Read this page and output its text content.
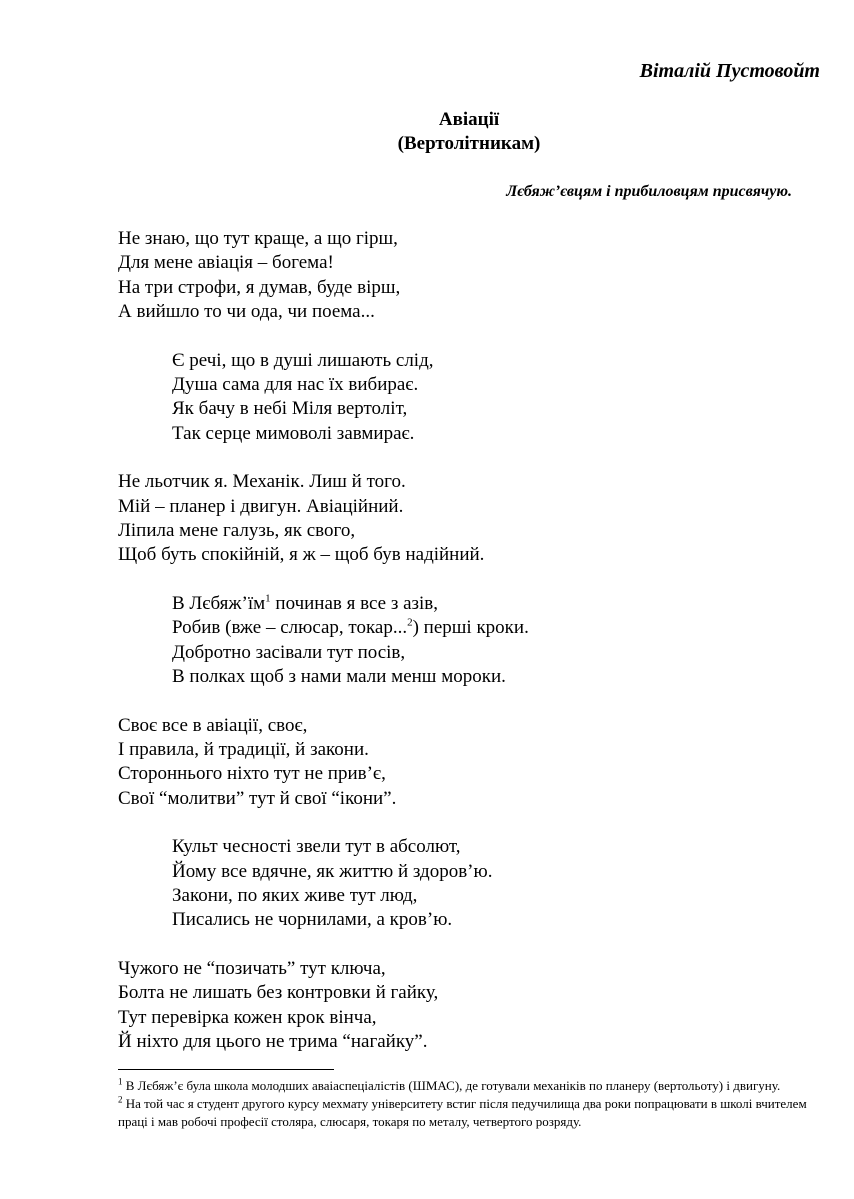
Віталій Пустовойт
Авіації
(Вертолітникам)
Лєбяж’євцям і прибиловцям присвячую.
Не знаю, що тут краще, а що гірш,
Для мене авіація – богема!
На три строфи, я думав, буде вірш,
А вийшло то чи ода, чи поема...
Є речі, що в душі лишають слід,
Душа сама для нас їх вибирає.
Як бачу в небі Міля вертоліт,
Так серце мимоволі завмирає.
Не льотчик я. Механік. Лиш й того.
Мій – планер і двигун. Авіаційний.
Ліпила мене галузь, як свого,
Щоб буть спокійній, я ж – щоб був надійний.
В $Лєбяж’їм^1$ починав я все з азів,
Робив (вже – слюсар, токар...$^2$) перші кроки.
Добротно засівали тут посів,
В полках щоб з нами мали менш мороки.
Своє все в авіації, своє,
І правила, й традиції, й закони.
Стороннього ніхто тут не прив’є,
Свої “молитви” тут й свої “ікони”.
Культ чесності звели тут в абсолют,
Йому все вдячне, як життю й здоров’ю.
Закони, по яких живе тут люд,
Писались не чорнилами, а кров’ю.
Чужого не “позичать” тут ключа,
Болта не лишать без контровки й гайку,
Тут перевірка кожен крок вінча,
Й ніхто для цього не трима “нагайку”.
$^1$ В Лєбяж’є була школа молодших аваіаспеціалістів (ШМАС), де готували механіків по планеру (вертольоту) і двигуну.
$^2$ На той час я студент другого курсу мехмату університету встиг після педучилища два роки попрацювати в школі вчителем праці і мав робочі професії столяра, слюсаря, токаря по металу, четвертого розряду.
